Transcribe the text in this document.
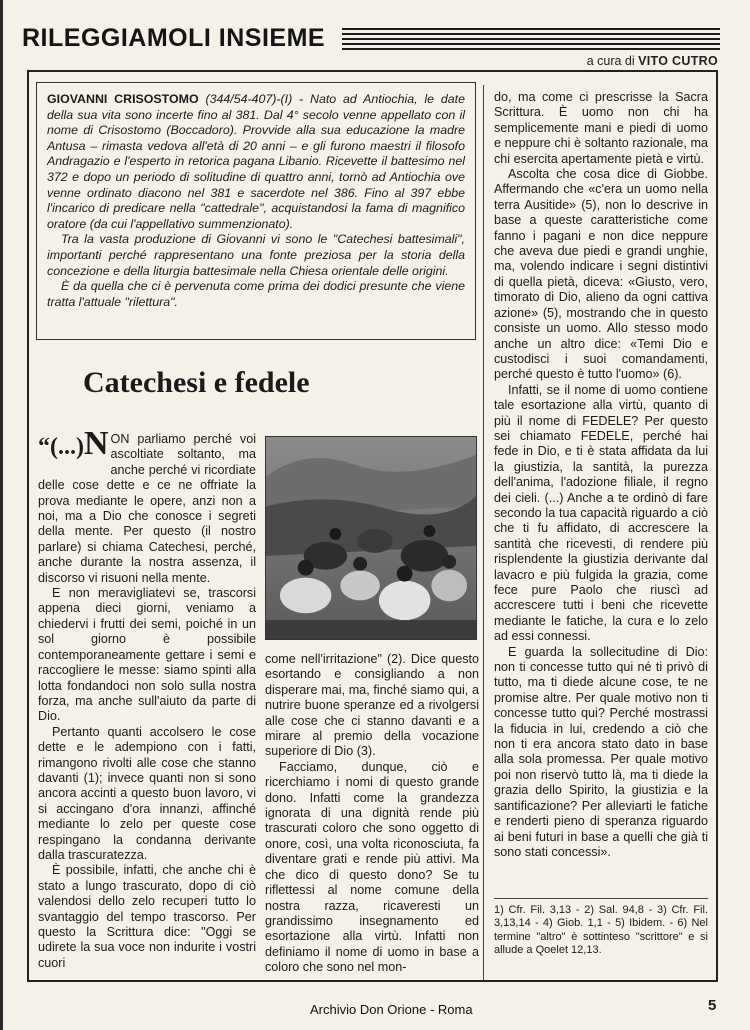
RILEGGIAMOLI INSIEME
a cura di VITO CUTRO

GIOVANNI CRISOSTOMO (344/54-407)-(I) - Nato ad Antiochia, le date della sua vita sono incerte fino al 381. Dal 4° secolo venne appellato con il nome di Crisostomo (Boccadoro). Provvide alla sua educazione la madre Antusa – rimasta vedova all'età di 20 anni – e gli furono maestri il filosofo Andragazio e l'esperto in retorica pagana Libanio. Ricevette il battesimo nel 372 e dopo un periodo di solitudine di quattro anni, tornò ad Antiochia ove venne ordinato diacono nel 381 e sacerdote nel 386. Fino al 397 ebbe l'incarico di predicare nella "cattedrale", acquistandosi la fama di magnifico oratore (da cui l'appellativo summenzionato).

Tra la vasta produzione di Giovanni vi sono le "Catechesi battesimali", importanti perché rappresentano una fonte preziosa per la storia della concezione e della liturgia battesimale nella Chiesa orientale delle origini.

È da quella che ci è pervenuta come prima dei dodici presunte che viene tratta l'attuale "rilettura".

Catechesi e fedele

“(...)N ON parliamo perché voi ascoltiate soltanto, ma anche perché vi ricordiate delle cose dette e ce ne offriate la prova mediante le opere, anzi non a noi, ma a Dio che conosce i segreti della mente. Per questo (il nostro parlare) si chiama Catechesi, perché, anche durante la nostra assenza, il discorso vi risuoni nella mente.

E non meravigliatevi se, trascorsi appena dieci giorni, veniamo a chiedervi i frutti dei semi, poiché in un sol giorno è possibile contemporaneamente gettare i semi e raccogliere le messe: siamo spinti alla lotta fondandoci non solo sulla nostra forza, ma anche sull'aiuto da parte di Dio.

Pertanto quanti accolsero le cose dette e le adempiono con i fatti, rimangono rivolti alle cose che stanno davanti (1); invece quanti non si sono ancora accinti a questo buon lavoro, vi si accingano d'ora innanzi, affinché mediante lo zelo per queste cose respingano la condanna derivante dalla trascuratezza.

È possibile, infatti, che anche chi è stato a lungo trascurato, dopo di ciò valendosi dello zelo recuperi tutto lo svantaggio del tempo trascorso. Per questo la Scrittura dice: "Oggi se udirete la sua voce non indurite i vostri cuori

come nell'irritazione" (2). Dice questo esortando e consigliando a non disperare mai, ma, finché siamo qui, a nutrire buone speranze ed a rivolgersi alle cose che ci stanno davanti e a mirare al premio della vocazione superiore di Dio (3).

Facciamo, dunque, ciò e ricerchiamo i nomi di questo grande dono. Infatti come la grandezza ignorata di una dignità rende più trascurati coloro che sono oggetto di onore, così, una volta riconosciuta, fa diventare grati e rende più attivi. Ma che dico di questo dono? Se tu riflettessi al nome comune della nostra razza, ricaveresti un grandissimo insegnamento ed esortazione alla virtù. Infatti non definiamo il nome di uomo in base a coloro che sono nel mon-

do, ma come ci prescrisse la Sacra Scrittura. È uomo non chi ha semplicemente mani e piedi di uomo e neppure chi è soltanto razionale, ma chi esercita apertamente pietà e virtù.

Ascolta che cosa dice di Giobbe. Affermando che «c'era un uomo nella terra Ausitide» (5), non lo descrive in base a queste caratteristiche come fanno i pagani e non dice neppure che aveva due piedi e grandi unghie, ma, volendo indicare i segni distintivi di quella pietà, diceva: «Giusto, vero, timorato di Dio, alieno da ogni cattiva azione» (5), mostrando che in questo consiste un uomo. Allo stesso modo anche un altro dice: «Temi Dio e custodisci i suoi comandamenti, perché questo è tutto l'uomo» (6).

Infatti, se il nome di uomo contiene tale esortazione alla virtù, quanto di più il nome di FEDELE? Per questo sei chiamato FEDELE, perché hai fede in Dio, e ti è stata affidata da lui la giustizia, la santità, la purezza dell'anima, l'adozione filiale, il regno dei cieli. (...) Anche a te ordinò di fare secondo la tua capacità riguardo a ciò che ti fu affidato, di accrescere la santità che ricevesti, di rendere più risplendente la giustizia derivante dal lavacro e più fulgida la grazia, come fece pure Paolo che riuscì ad accrescere tutti i beni che ricevette mediante le fatiche, la cura e lo zelo ad essi connessi.

E guarda la sollecitudine di Dio: non ti concesse tutto qui né ti privò di tutto, ma ti diede alcune cose, te ne promise altre. Per quale motivo non ti concesse tutto qui? Perché mostrassi la fiducia in lui, credendo a ciò che non ti era ancora stato dato in base alla sola promessa. Per quale motivo poi non riservò tutto là, ma ti diede la grazia dello Spirito, la giustizia e la santificazione? Per alleviarti le fatiche e renderti pieno di speranza riguardo ai beni futuri in base a quelli che già ti sono stati concessi».

1) Cfr. Fil. 3,13 - 2) Sal. 94,8 - 3) Cfr. Fil. 3,13,14 - 4) Giob. 1,1 - 5) Ibidem. - 6) Nel termine "altro" è sottinteso "scrittore" e si allude a Qoelet 12,13.
Archivio Don Orione - Roma	5
